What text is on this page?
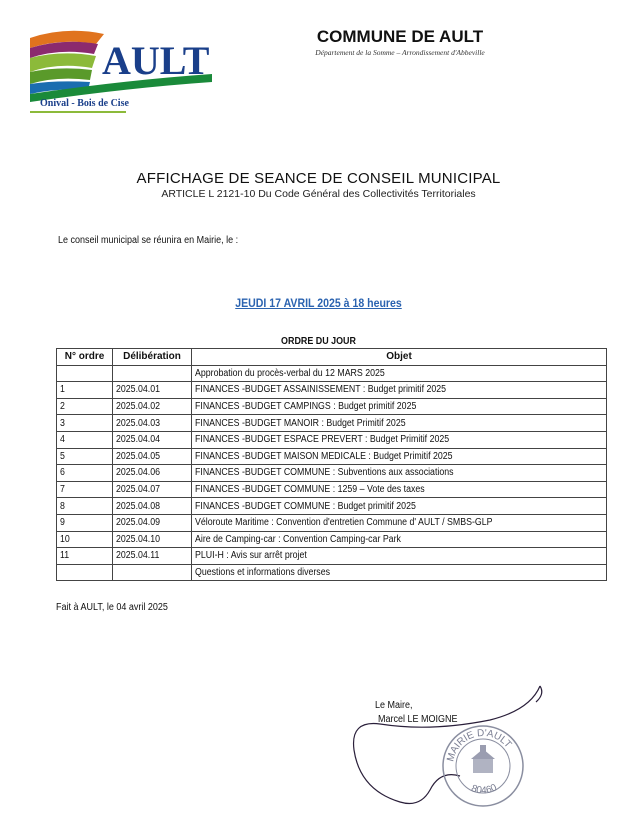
AULT
Onival - Bois de Cise
COMMUNE DE AULT
Département de la Somme – Arrondissement d'Abbeville
AFFICHAGE DE SEANCE DE CONSEIL MUNICIPAL
ARTICLE L 2121-10 Du Code Général des Collectivités Territoriales
Le conseil municipal se réunira en Mairie, le :
JEUDI 17 AVRIL 2025 à 18 heures
ORDRE DU JOUR
N° ordre	Délibération	Objet
		Approbation du procès-verbal du 12 MARS 2025
1	2025.04.01	FINANCES -BUDGET ASSAINISSEMENT : Budget primitif 2025
2	2025.04.02	FINANCES -BUDGET CAMPINGS : Budget primitif 2025
3	2025.04.03	FINANCES -BUDGET MANOIR : Budget Primitif 2025
4	2025.04.04	FINANCES -BUDGET ESPACE PREVERT : Budget Primitif 2025
5	2025.04.05	FINANCES -BUDGET MAISON MEDICALE : Budget Primitif 2025
6	2025.04.06	FINANCES -BUDGET COMMUNE : Subventions aux associations
7	2025.04.07	FINANCES -BUDGET COMMUNE : 1259 – Vote des taxes
8	2025.04.08	FINANCES -BUDGET COMMUNE : Budget primitif 2025
9	2025.04.09	Véloroute Maritime : Convention d'entretien Commune d' AULT / SMBS-GLP
10	2025.04.10	Aire de Camping-car : Convention Camping-car Park
11	2025.04.11	PLUI-H : Avis sur arrêt projet
		Questions et informations diverses
Fait à AULT, le 04 avril 2025
Le Maire,
Marcel LE MOIGNE
MAIRIE D'AULT
80460
